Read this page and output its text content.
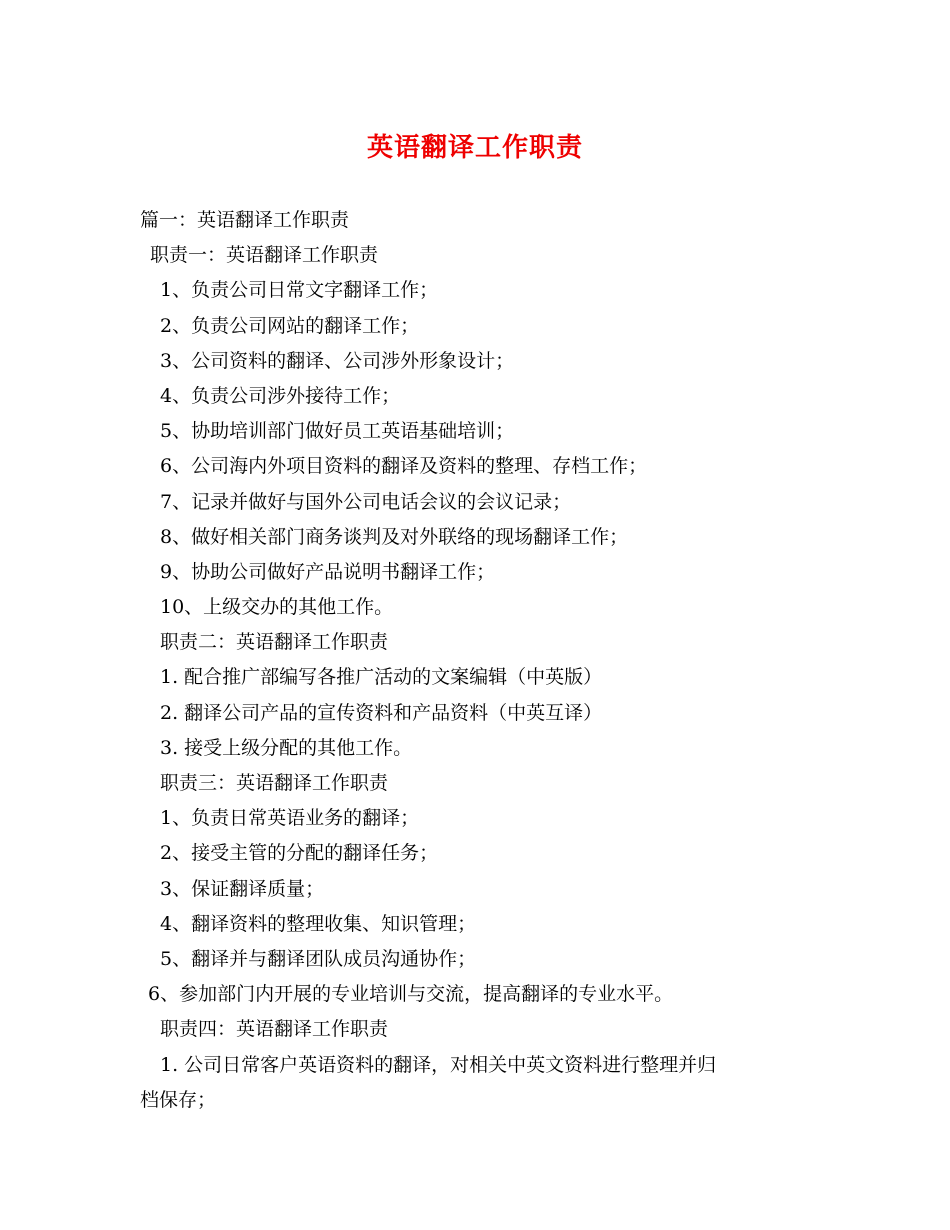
英语翻译工作职责
篇一：英语翻译工作职责
职责一：英语翻译工作职责
1、负责公司日常文字翻译工作；
2、负责公司网站的翻译工作；
3、公司资料的翻译、公司涉外形象设计；
4、负责公司涉外接待工作；
5、协助培训部门做好员工英语基础培训；
6、公司海内外项目资料的翻译及资料的整理、存档工作；
7、记录并做好与国外公司电话会议的会议记录；
8、做好相关部门商务谈判及对外联络的现场翻译工作；
9、协助公司做好产品说明书翻译工作；
10、上级交办的其他工作。
职责二：英语翻译工作职责
1. 配合推广部编写各推广活动的文案编辑（中英版）
2. 翻译公司产品的宣传资料和产品资料（中英互译）
3. 接受上级分配的其他工作。
职责三：英语翻译工作职责
1、负责日常英语业务的翻译；
2、接受主管的分配的翻译任务；
3、保证翻译质量；
4、翻译资料的整理收集、知识管理；
5、翻译并与翻译团队成员沟通协作；
6、参加部门内开展的专业培训与交流，提高翻译的专业水平。
职责四：英语翻译工作职责
1. 公司日常客户英语资料的翻译，对相关中英文资料进行整理并归
档保存；
